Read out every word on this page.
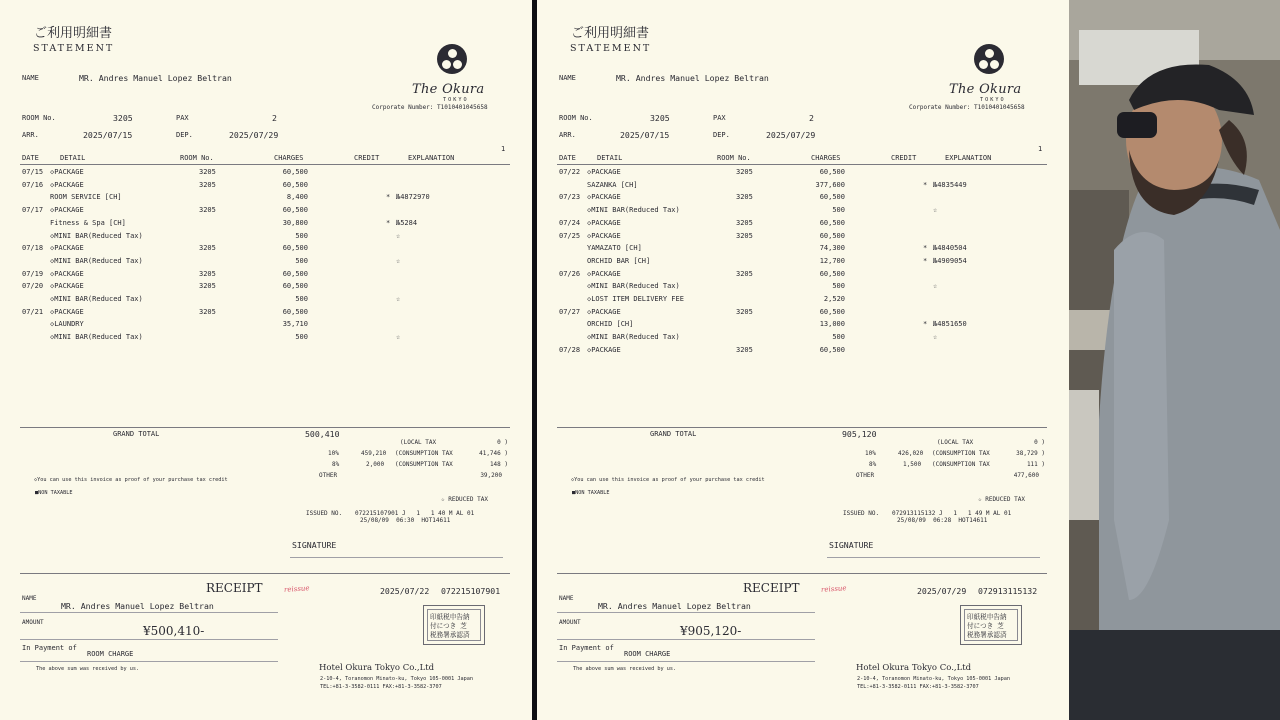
ご利用明細書
STATEMENT
NAME	MR. Andres Manuel Lopez Beltran
The Okura
TOKYO
Corporate Number: T1010401045658
ROOM No.	3205	PAX	2
ARR.	2025/07/15	DEP.	2025/07/29
1
DATE	DETAIL	ROOM No.	CHARGES	CREDIT	EXPLANATION
07/15 ◇PACKAGE	3205	60,500
07/16 ◇PACKAGE	3205	60,500
ROOM SERVICE [CH]	8,400	* №4872970
07/17 ◇PACKAGE	3205	60,500
Fitness & Spa [CH]	30,800	* №5284
◇MINI BAR(Reduced Tax)	500	☆
07/18 ◇PACKAGE	3205	60,500
◇MINI BAR(Reduced Tax)	500	☆
07/19 ◇PACKAGE	3205	60,500
07/20 ◇PACKAGE	3205	60,500
◇MINI BAR(Reduced Tax)	500	☆
07/21 ◇PACKAGE	3205	60,500
◇LAUNDRY	35,710
◇MINI BAR(Reduced Tax)	500	☆
GRAND TOTAL	500,410
(LOCAL TAX	0 )
10%	459,210 (CONSUMPTION TAX	41,746 )
8%	2,000 (CONSUMPTION TAX	148 )
OTHER	39,200
◇You can use this invoice as proof of your purchase tax credit
■NON TAXABLE
☆ REDUCED TAX
ISSUED NO. 072215107901 J   1   1 40 M AL 01
25/08/09  06:30  HOT14611
SIGNATURE
RECEIPT	reissue	2025/07/22 072215107901
NAME
MR. Andres Manuel Lopez Beltran
AMOUNT
¥500,410-
In Payment of
ROOM CHARGE
The above sum was received by us.
印紙税申告納
付につき 芝
税務署承認済
Hotel Okura Tokyo Co.,Ltd
2-10-4, Toranomon Minato-ku, Tokyo 105-0001 Japan
TEL:+81-3-3582-0111 FAX:+81-3-3582-3707
ご利用明細書
STATEMENT
NAME	MR. Andres Manuel Lopez Beltran
The Okura
TOKYO
Corporate Number: T1010401045658
ROOM No.	3205	PAX	2
ARR.	2025/07/15	DEP.	2025/07/29
1
DATE	DETAIL	ROOM No.	CHARGES	CREDIT	EXPLANATION
07/22 ◇PACKAGE	3205	60,500
SAZANKA [CH]	377,600	* №4835449
07/23 ◇PACKAGE	3205	60,500
◇MINI BAR(Reduced Tax)	500	☆
07/24 ◇PACKAGE	3205	60,500
07/25 ◇PACKAGE	3205	60,500
YAMAZATO [CH]	74,300	* №4840504
ORCHID BAR [CH]	12,700	* №4909054
07/26 ◇PACKAGE	3205	60,500
◇MINI BAR(Reduced Tax)	500	☆
◇LOST ITEM DELIVERY FEE	2,520
07/27 ◇PACKAGE	3205	60,500
ORCHID [CH]	13,000	* №4851650
◇MINI BAR(Reduced Tax)	500	☆
07/28 ◇PACKAGE	3205	60,500
GRAND TOTAL	905,120
(LOCAL TAX	0 )
10%	426,020 (CONSUMPTION TAX	38,729 )
8%	1,500 (CONSUMPTION TAX	111 )
OTHER	477,600
◇You can use this invoice as proof of your purchase tax credit
■NON TAXABLE
☆ REDUCED TAX
ISSUED NO. 072913115132 J   1   1 49 M AL 01
25/08/09  06:28  HOT14611
SIGNATURE
RECEIPT	reissue	2025/07/29 072913115132
NAME
MR. Andres Manuel Lopez Beltran
AMOUNT
¥905,120-
In Payment of
ROOM CHARGE
The above sum was received by us.
印紙税申告納
付につき 芝
税務署承認済
Hotel Okura Tokyo Co.,Ltd
2-10-4, Toranomon Minato-ku, Tokyo 105-0001 Japan
TEL:+81-3-3582-0111 FAX:+81-3-3582-3707
